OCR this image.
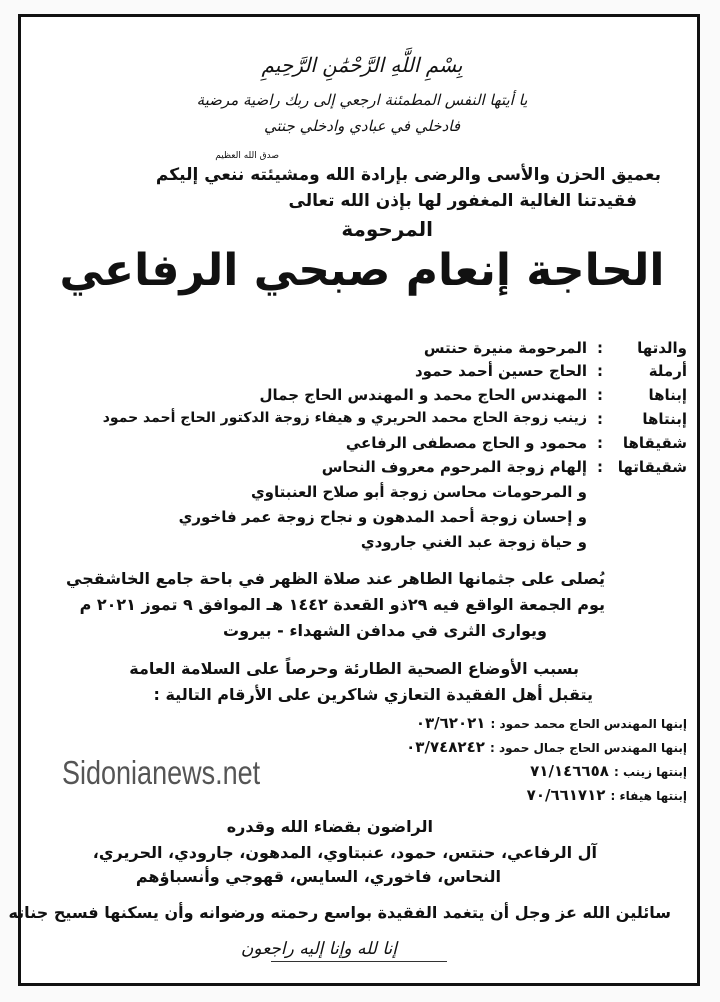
بِسْمِ اللَّهِ الرَّحْمَٰنِ الرَّحِيمِ
يا أيتها النفس المطمئنة ارجعي إلى ربك راضية مرضية
فادخلي في عبادي وادخلي جنتي
صدق الله العظيم
بعميق الحزن والأسى والرضى بإرادة الله ومشيئته ننعي إليكم
فقيدتنا الغالية المغفور لها بإذن الله تعالى
المرحومة
الحاجة إنعام صبحي الرفاعي
والدتها
:
المرحومة منيرة حنتس
أرملة
:
الحاج حسين أحمد حمود
إبناها
:
المهندس الحاج محمد و المهندس الحاج جمال
إبنتاها
:
زينب زوجة الحاج محمد الحريري و هيفاء زوجة الدكتور الحاج أحمد حمود
شقيقاها
:
محمود و الحاج مصطفى الرفاعي
شقيقاتها
:
إلهام زوجة المرحوم معروف النحاس
و المرحومات محاسن زوجة أبو صلاح العنبتاوي
و إحسان زوجة أحمد المدهون و نجاح زوجة عمر فاخوري
و حياة زوجة عبد الغني جارودي
يُصلى على جثمانها الطاهر عند صلاة الظهر في باحة جامع الخاشقجي
يوم الجمعة الواقع فيه ٢٩ذو القعدة ١٤٤٢ هـ الموافق ٩ تموز ٢٠٢١ م
ويوارى الثرى في مدافن الشهداء - بيروت
بسبب الأوضاع الصحية الطارئة وحرصاً على السلامة العامة
يتقبل أهل الفقيدة التعازي شاكرين على الأرقام التالية :
إبنها المهندس الحاج محمد حمود : ٠٣/٦٢٠٢١
إبنها المهندس الحاج جمال حمود : ٠٣/٧٤٨٢٤٢
إبنتها زينب : ٧١/١٤٦٦٥٨
إبنتها هيفاء : ٧٠/٦٦١٧١٢
الراضون بقضاء الله وقدره
آل الرفاعي، حنتس، حمود، عنبتاوي، المدهون، جارودي، الحريري،
النحاس، فاخوري، السايس، قهوجي وأنسباؤهم
سائلين الله عز وجل أن يتغمد الفقيدة بواسع رحمته ورضوانه وأن يسكنها فسيح جناته
إنا لله وإنا إليه راجعون
Sidonianews.net
